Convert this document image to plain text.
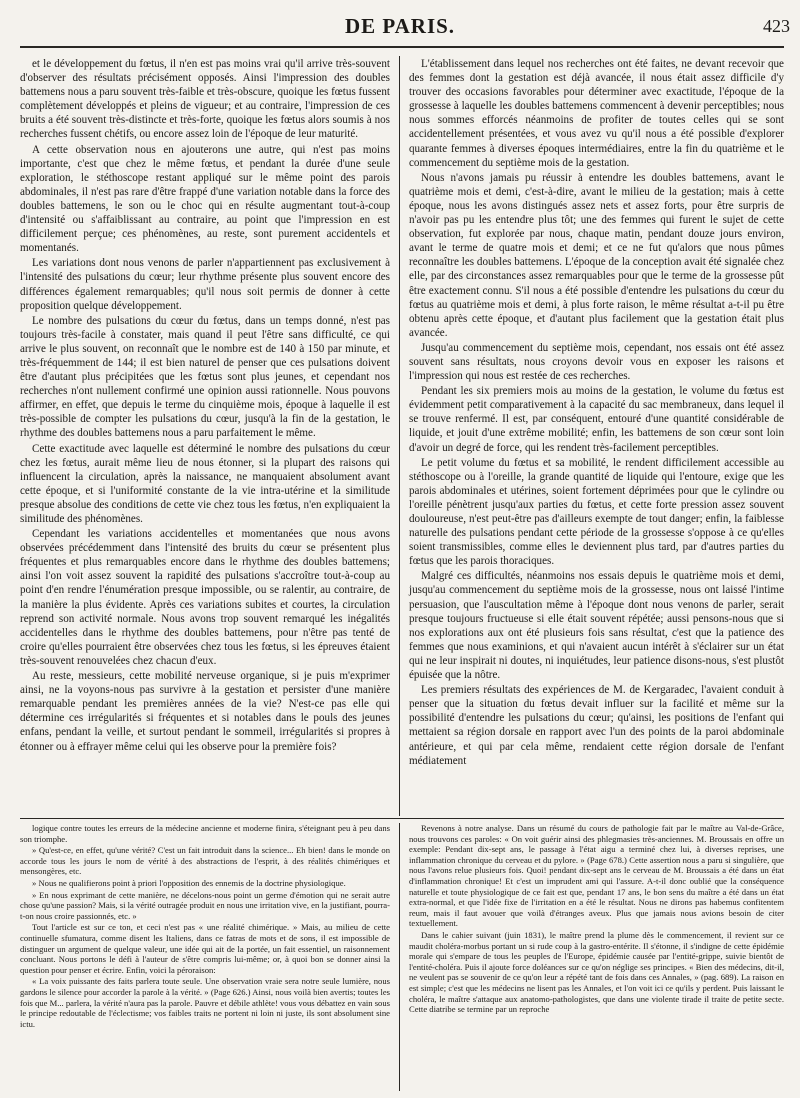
DE PARIS.	423

et le développement du fœtus, il n'en est pas moins vrai qu'il arrive très-souvent d'observer des résultats précisément opposés. Ainsi l'impression des doubles battemens nous a paru souvent très-faible et très-obscure, quoique les fœtus fussent complètement développés et pleins de vigueur; et au contraire, l'impression de ces bruits a été souvent très-distincte et très-forte, quoique les fœtus alors soumis à nos recherches fussent chétifs, ou encore assez loin de l'époque de leur maturité.

A cette observation nous en ajouterons une autre, qui n'est pas moins importante, c'est que chez le même fœtus, et pendant la durée d'une seule exploration, le stéthoscope restant appliqué sur le même point des parois abdominales, il n'est pas rare d'être frappé d'une variation notable dans la force des doubles battemens, le son ou le choc qui en résulte augmentant tout-à-coup d'intensité ou s'affaiblissant au contraire, au point que l'impression en est difficilement perçue; ces phénomènes, au reste, sont purement accidentels et momentanés.

Les variations dont nous venons de parler n'appartiennent pas exclusivement à l'intensité des pulsations du cœur; leur rhythme présente plus souvent encore des différences également remarquables; qu'il nous soit permis de donner à cette proposition quelque développement.

Le nombre des pulsations du cœur du fœtus, dans un temps donné, n'est pas toujours très-facile à constater, mais quand il peut l'être sans difficulté, ce qui arrive le plus souvent, on reconnaît que le nombre est de 140 à 150 par minute, et très-fréquemment de 144; il est bien naturel de penser que ces pulsations doivent être d'autant plus précipitées que les fœtus sont plus jeunes, et cependant nos recherches n'ont nullement confirmé une opinion aussi rationnelle. Nous pouvons affirmer, en effet, que depuis le terme du cinquième mois, époque à laquelle il est très-possible de compter les pulsations du cœur, jusqu'à la fin de la gestation, le rhythme des doubles battemens nous a paru parfaitement le même.

Cette exactitude avec laquelle est déterminé le nombre des pulsations du cœur chez les fœtus, aurait même lieu de nous étonner, si la plupart des raisons qui influencent la circulation, après la naissance, ne manquaient absolument avant cette époque, et si l'uniformité constante de la vie intra-utérine et la similitude presque absolue des conditions de cette vie chez tous les fœtus, n'en expliquaient la similitude des phénomènes.

Cependant les variations accidentelles et momentanées que nous avons observées précédemment dans l'intensité des bruits du cœur se présentent plus fréquentes et plus remarquables encore dans le rhythme des doubles battemens; ainsi l'on voit assez souvent la rapidité des pulsations s'accroître tout-à-coup au point d'en rendre l'énumération presque impossible, ou se ralentir, au contraire, de la manière la plus évidente. Après ces variations subites et courtes, la circulation reprend son activité normale. Nous avons trop souvent remarqué les inégalités accidentelles dans le rhythme des doubles battemens, pour n'être pas tenté de croire qu'elles pourraient être observées chez tous les fœtus, si les épreuves étaient très-souvent renouvelées chez chacun d'eux.

Au reste, messieurs, cette mobilité nerveuse organique, si je puis m'exprimer ainsi, ne la voyons-nous pas survivre à la gestation et persister d'une manière remarquable pendant les premières années de la vie? N'est-ce pas elle qui détermine ces irrégularités si fréquentes et si notables dans le pouls des jeunes enfans, pendant la veille, et surtout pendant le sommeil, irrégularités si propres à étonner ou à effrayer même celui qui les observe pour la première fois?

L'établissement dans lequel nos recherches ont été faites, ne devant recevoir que des femmes dont la gestation est déjà avancée, il nous était assez difficile d'y trouver des occasions favorables pour déterminer avec exactitude, l'époque de la grossesse à laquelle les doubles battemens commencent à devenir perceptibles; nous nous sommes efforcés néanmoins de profiter de toutes celles qui se sont accidentellement présentées, et vous avez vu qu'il nous a été possible d'explorer quarante femmes à diverses époques intermédiaires, entre la fin du quatrième et le commencement du septième mois de la gestation.

Nous n'avons jamais pu réussir à entendre les doubles battemens, avant le quatrième mois et demi, c'est-à-dire, avant le milieu de la gestation; mais à cette époque, nous les avons distingués assez nets et assez forts, pour être surpris de n'avoir pas pu les entendre plus tôt; une des femmes qui furent le sujet de cette observation, fut explorée par nous, chaque matin, pendant douze jours environ, avant le terme de quatre mois et demi; et ce ne fut qu'alors que nous pûmes reconnaître les doubles battemens. L'époque de la conception avait été signalée chez elle, par des circonstances assez remarquables pour que le terme de la grossesse pût être exactement connu. S'il nous a été possible d'entendre les pulsations du cœur du fœtus au quatrième mois et demi, à plus forte raison, le même résultat a-t-il pu être obtenu après cette époque, et d'autant plus facilement que la gestation était plus avancée.

Jusqu'au commencement du septième mois, cependant, nos essais ont été assez souvent sans résultats, nous croyons devoir vous en exposer les raisons et l'impression qui nous est restée de ces recherches.

Pendant les six premiers mois au moins de la gestation, le volume du fœtus est évidemment petit comparativement à la capacité du sac membraneux, dans lequel il se trouve renfermé. Il est, par conséquent, entouré d'une quantité considérable de liquide, et jouit d'une extrême mobilité; enfin, les battemens de son cœur sont loin d'avoir un degré de force, qui les rendent très-facilement perceptibles.

Le petit volume du fœtus et sa mobilité, le rendent difficilement accessible au stéthoscope ou à l'oreille, la grande quantité de liquide qui l'entoure, exige que les parois abdominales et utérines, soient fortement déprimées pour que le cylindre ou l'oreille pénètrent jusqu'aux parties du fœtus, et cette forte pression assez souvent douloureuse, n'est peut-être pas d'ailleurs exempte de tout danger; enfin, la faiblesse naturelle des pulsations pendant cette période de la grossesse s'oppose à ce qu'elles soient transmissibles, comme elles le deviennent plus tard, par d'autres parties du fœtus que les parois thoraciques.

Malgré ces difficultés, néanmoins nos essais depuis le quatrième mois et demi, jusqu'au commencement du septième mois de la grossesse, nous ont laissé l'intime persuasion, que l'auscultation même à l'époque dont nous venons de parler, serait presque toujours fructueuse si elle était souvent répétée; aussi pensons-nous que si nos explorations aux ont été plusieurs fois sans résultat, c'est que la patience des femmes que nous examinions, et qui n'avaient aucun intérêt à s'éclairer sur un état qui ne leur inspirait ni doutes, ni inquiétudes, leur patience disons-nous, s'est plustôt épuisée que la nôtre.

Les premiers résultats des expériences de M. de Kergaradec, l'avaient conduit à penser que la situation du fœtus devait influer sur la facilité et même sur la possibilité d'entendre les pulsations du cœur; qu'ainsi, les positions de l'enfant qui mettaient sa région dorsale en rapport avec l'un des points de la paroi abdominale antérieure, et qui par cela même, rendaient cette région dorsale de l'enfant médiatement

logique contre toutes les erreurs de la médecine ancienne et moderne finira, s'éteignant peu à peu dans son triomphe.

» Qu'est-ce, en effet, qu'une vérité? C'est un fait introduit dans la science... Eh bien! dans le monde on accorde tous les jours le nom de vérité à des abstractions de l'esprit, à des réalités chimériques et mensongères, etc.

» Nous ne qualifierons point à priori l'opposition des ennemis de la doctrine physiologique.

» En nous exprimant de cette manière, ne décelons-nous point un germe d'émotion qui ne serait autre chose qu'une passion? Mais, si la vérité outragée produit en nous une irritation vive, en la justifiant, pourra-t-on nous croire passionnés, etc. »

Tout l'article est sur ce ton, et ceci n'est pas « une réalité chimérique. » Mais, au milieu de cette continuelle sfumatura, comme disent les Italiens, dans ce fatras de mots et de sons, il est impossible de distinguer un argument de quelque valeur, une idée qui ait de la portée, un fait essentiel, un raisonnement concluant. Nous portons le défi à l'auteur de s'être compris lui-même; or, à quoi bon se donner ainsi la question pour penser et écrire. Enfin, voici la péroraison:

« La voix puissante des faits parlera toute seule. Une observation vraie sera notre seule lumière, nous gardons le silence pour accorder la parole à la vérité. » (Page 626.) Ainsi, nous voilà bien avertis; toutes les fois que M... parlera, la vérité n'aura pas la parole. Pauvre et débile athlète! vous vous débattez en vain sous le principe redoutable de l'éclectisme; vos faibles traits ne portent ni loin ni juste, ils sont absolument sine ictu.

Revenons à notre analyse. Dans un résumé du cours de pathologie fait par le maître au Val-de-Grâce, nous trouvons ces paroles: « On voit guérir ainsi des phlegmasies très-anciennes. M. Broussais en offre un exemple: Pendant dix-sept ans, le passage à l'état aigu a terminé chez lui, à diverses reprises, une inflammation chronique du cerveau et du pylore. » (Page 678.) Cette assertion nous a paru si singulière, que nous l'avons relue plusieurs fois. Quoi! pendant dix-sept ans le cerveau de M. Broussais a été dans un état d'inflammation chronique! Et c'est un imprudent ami qui l'assure. A-t-il donc oublié que la conséquence naturelle et toute physiologique de ce fait est que, pendant 17 ans, le bon sens du maître a été dans un état extra-normal, et que l'idée fixe de l'irritation en a été le résultat. Nous ne dirons pas habemus confitentem reum, mais il faut avouer que voilà d'étranges aveux. Plus que jamais nous avions besoin de citer textuellement.

Dans le cahier suivant (juin 1831), le maître prend la plume dès le commencement, il revient sur ce maudit choléra-morbus portant un si rude coup à la gastro-entérite. Il s'étonne, il s'indigne de cette épidémie morale qui s'empare de tous les peuples de l'Europe, épidémie causée par l'entité-grippe, suivie bientôt de l'entité-choléra. Puis il ajoute force doléances sur ce qu'on néglige ses principes. « Bien des médecins, dit-il, ne veulent pas se souvenir de ce qu'on leur a répété tant de fois dans ces Annales, » (pag. 689). La raison en est simple; c'est que les médecins ne lisent pas les Annales, et l'on voit ici ce qu'ils y perdent. Puis laissant le choléra, le maître s'attaque aux anatomo-pathologistes, que dans une violente tirade il traite de petite secte. Cette diatribe se termine par un reproche
